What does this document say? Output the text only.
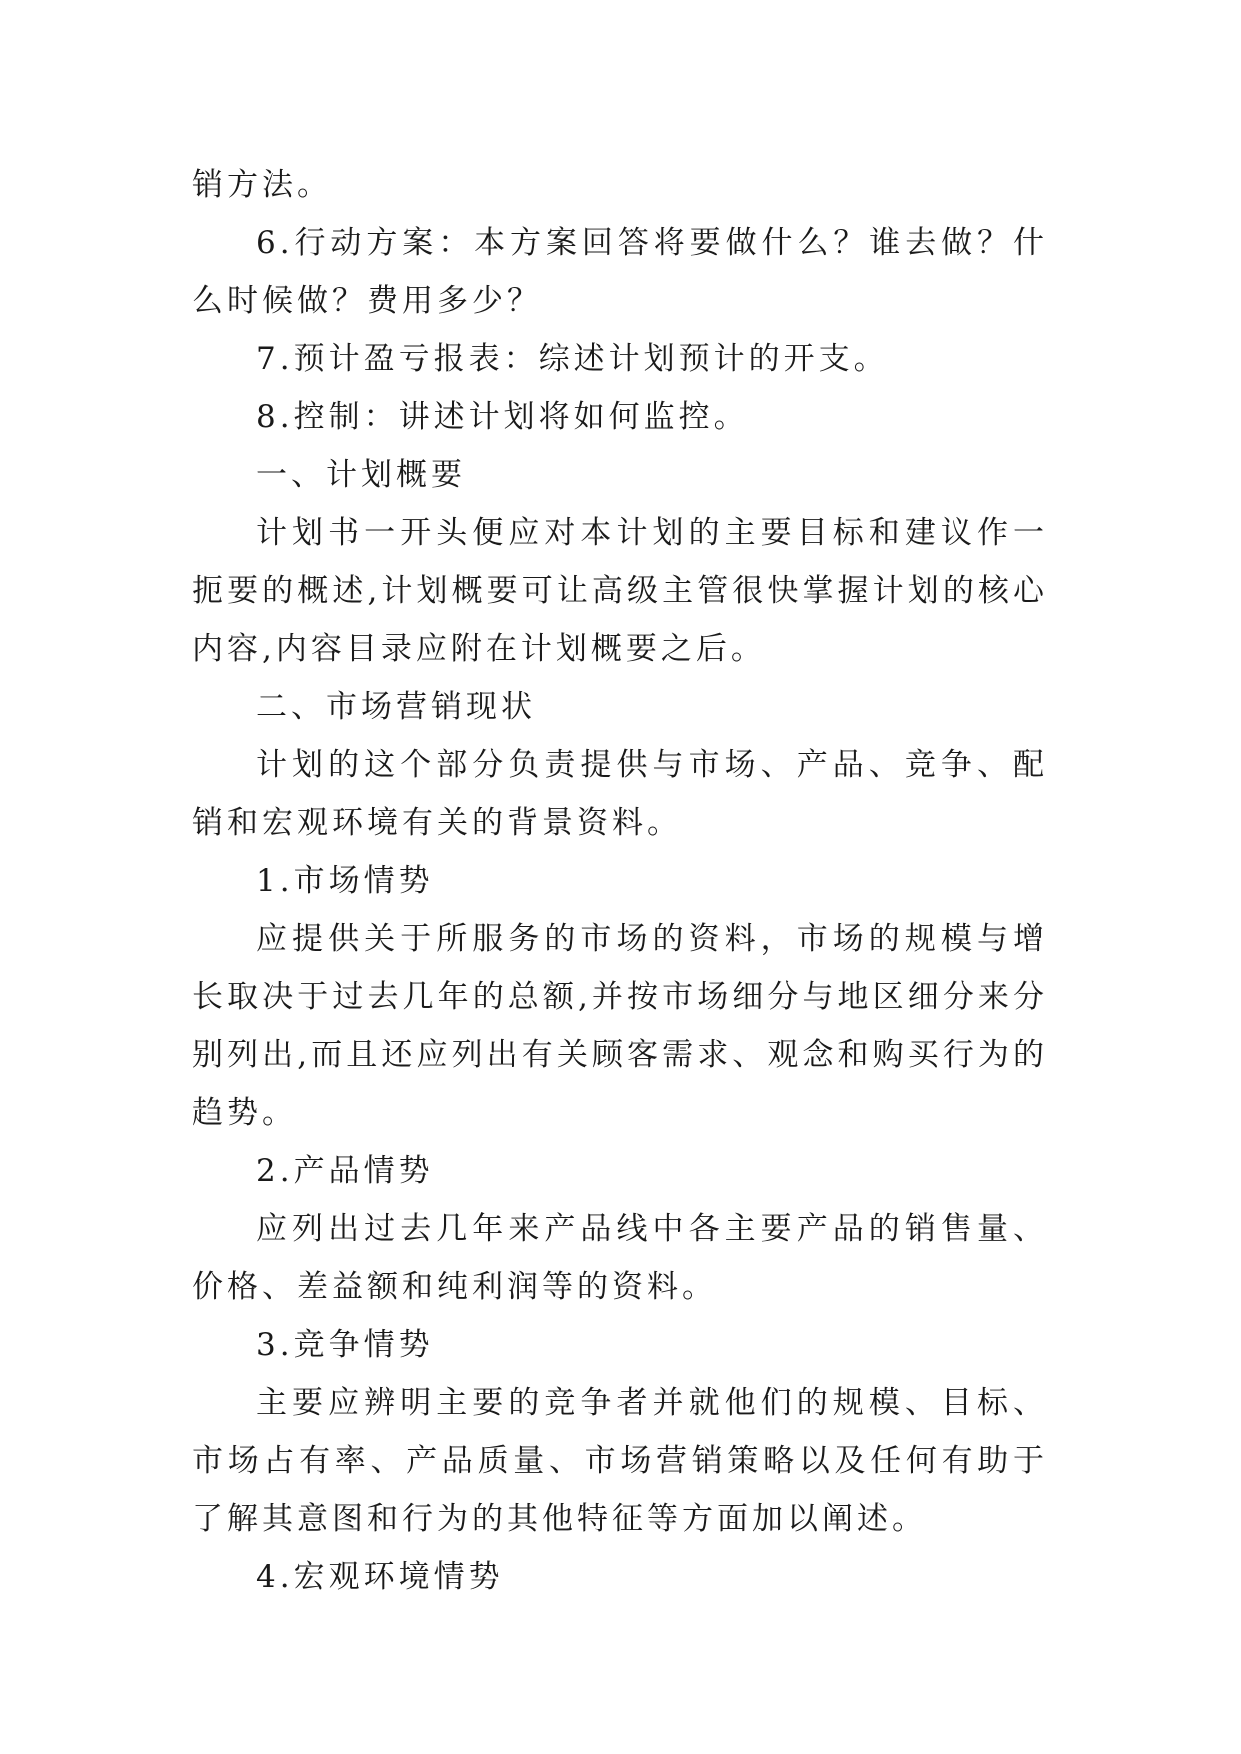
销方法。

6.行动方案：本方案回答将要做什么？谁去做？什么时候做？费用多少？

7.预计盈亏报表：综述计划预计的开支。

8.控制：讲述计划将如何监控。

一、计划概要

计划书一开头便应对本计划的主要目标和建议作一扼要的概述,计划概要可让高级主管很快掌握计划的核心内容,内容目录应附在计划概要之后。

二、市场营销现状

计划的这个部分负责提供与市场、产品、竞争、配销和宏观环境有关的背景资料。

1.市场情势

应提供关于所服务的市场的资料，市场的规模与增长取决于过去几年的总额,并按市场细分与地区细分来分别列出,而且还应列出有关顾客需求、观念和购买行为的趋势。

2.产品情势

应列出过去几年来产品线中各主要产品的销售量、价格、差益额和纯利润等的资料。

3.竞争情势

主要应辨明主要的竞争者并就他们的规模、目标、市场占有率、产品质量、市场营销策略以及任何有助于了解其意图和行为的其他特征等方面加以阐述。

4.宏观环境情势
